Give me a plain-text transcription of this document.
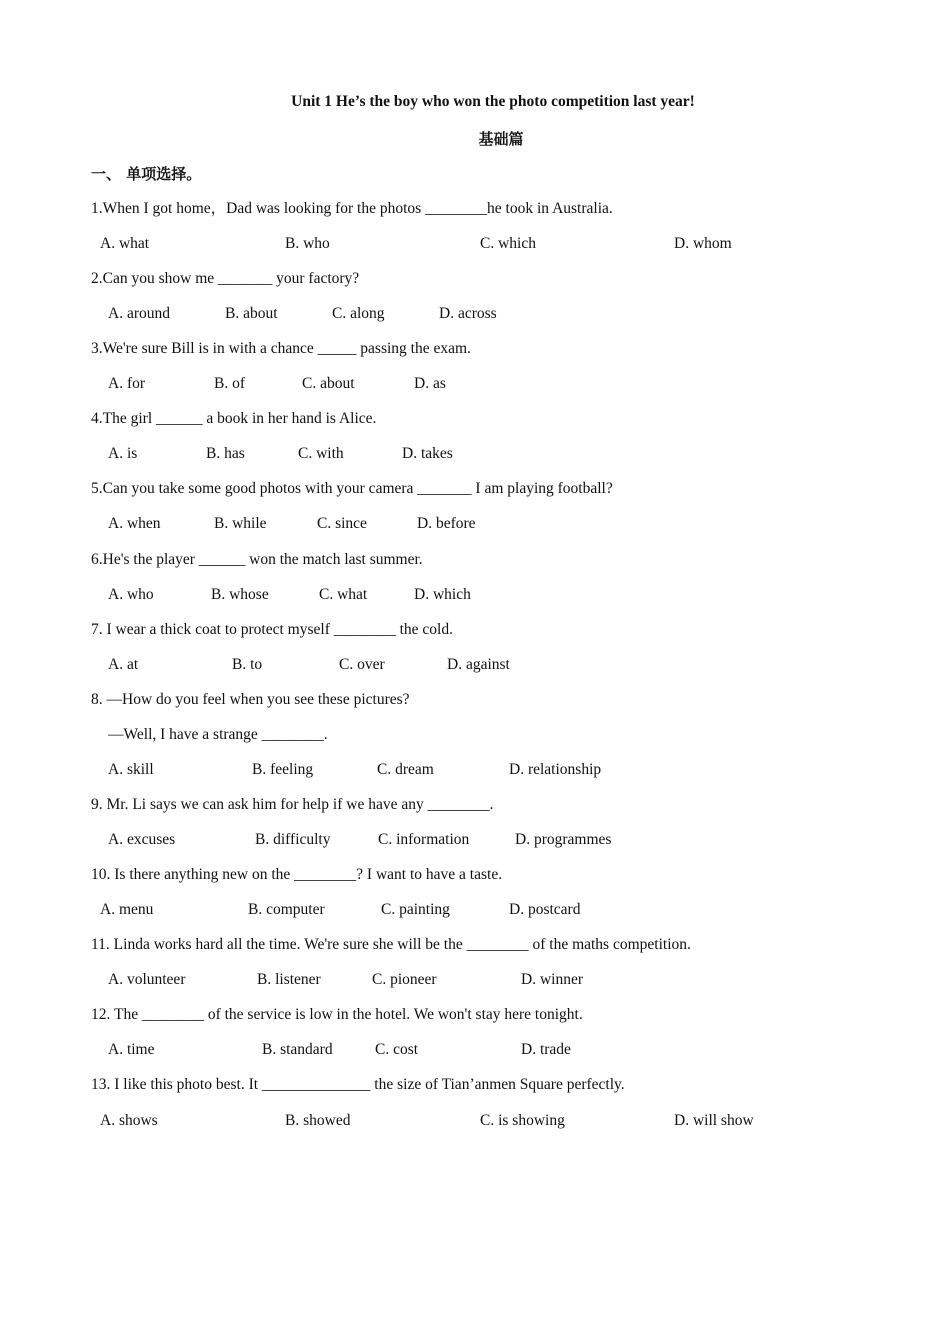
Unit 1 He’s the boy who won the photo competition last year!
基础篇
一、 单项选择。
1.When I got home，Dad was looking for the photos ________he took in Australia.
A. what	B. who	C. which	D. whom
2.Can you show me _______ your factory?
A. around	B. about	C. along	D. across
3.We're sure Bill is in with a chance _____ passing the exam.
A. for	B. of	C. about	D. as
4.The girl ______ a book in her hand is Alice.
A. is	B. has	C. with	D. takes
5.Can you take some good photos with your camera _______ I am playing football?
A. when	B. while	C. since	D. before
6.He's the player ______ won the match last summer.
A. who	B. whose	C. what	D. which
7. I wear a thick coat to protect myself ________ the cold.
A. at	B. to	C. over	D. against
8. —How do you feel when you see these pictures?
—Well, I have a strange ________.
A. skill	B. feeling	C. dream	D. relationship
9. Mr. Li says we can ask him for help if we have any ________.
A. excuses	B. difficulty	C. information	D. programmes
10. Is there anything new on the ________? I want to have a taste.
A. menu	B. computer	C. painting	D. postcard
11. Linda works hard all the time. We're sure she will be the ________ of the maths competition.
A. volunteer	B. listener	C. pioneer	D. winner
12. The ________ of the service is low in the hotel. We won't stay here tonight.
A. time	B. standard	C. cost	D. trade
13. I like this photo best. It ______________ the size of Tian’anmen Square perfectly.
A. shows	B. showed	C. is showing	D. will show
